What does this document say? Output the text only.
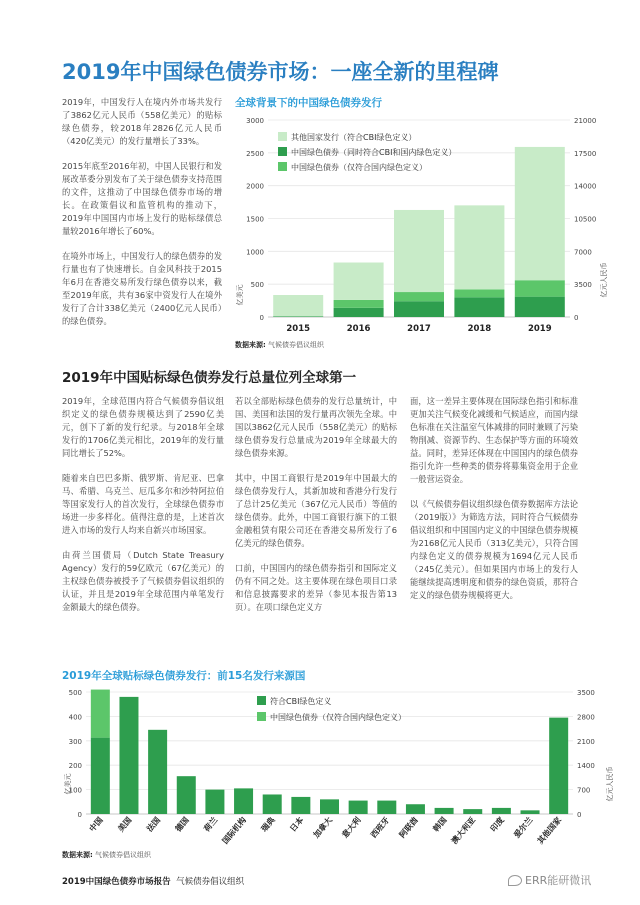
2019年中国绿色债券市场：一座全新的里程碑

2019年，中国发行人在境内外市场共发行了3862亿元人民币（558亿美元）的贴标绿色债券，较2018年2826亿元人民币（420亿美元）的发行量增长了33%。

2015年底至2016年初，中国人民银行和发展改革委分别发布了关于绿色债券支持范围的文件，这推动了中国绿色债券市场的增长。在政策倡议和监管机构的推动下，2019年中国国内市场上发行的贴标绿债总量较2016年增长了60%。

在境外市场上，中国发行人的绿色债券的发行量也有了快速增长。自金风科技于2015年6月在香港交易所发行绿色债券以来，截至2019年底，共有36家中资发行人在境外发行了合计338亿美元（2400亿元人民币）的绿色债券。

全球背景下的中国绿色债券发行
0	0
500	3500
1000	7000
1500	10500
2000	14000
2500	17500
3000	21000
亿美元	亿元人民币
2015	2016	2017	2018	2019
其他国家发行（符合CBI绿色定义）
中国绿色债券（同时符合CBI和国内绿色定义）
中国绿色债券（仅符合国内绿色定义）
数据来源: 气候债券倡议组织
2019年中国贴标绿色债券发行总量位列全球第一

2019年，全球范围内符合气候债券倡议组织定义的绿色债券规模达到了2590亿美元，创下了新的发行纪录。与2018年全球发行的1706亿美元相比，2019年的发行量同比增长了52%。

随着来自巴巴多斯、俄罗斯、肯尼亚、巴拿马、希腊、乌克兰、厄瓜多尔和沙特阿拉伯等国家发行人的首次发行，全球绿色债券市场进一步多样化。值得注意的是，上述首次进入市场的发行人均来自新兴市场国家。

由荷兰国债局（Dutch State Treasury Agency）发行的59亿欧元（67亿美元）的主权绿色债券被授予了气候债券倡议组织的认证，并且是2019年全球范围内单笔发行金额最大的绿色债券。

若以全部贴标绿色债券的发行总量统计，中国、美国和法国的发行量再次领先全球。中国以3862亿元人民币（558亿美元）的贴标绿色债券发行总量成为2019年全球最大的绿色债券来源。

其中，中国工商银行是2019年中国最大的绿色债券发行人，其新加坡和香港分行发行了总计25亿美元（367亿元人民币）等值的绿色债券。此外，中国工商银行旗下的工银金融租赁有限公司还在香港交易所发行了6亿美元的绿色债券。

口前，中国国内的绿色债券指引和国际定义仍有不同之处。这主要体现在绿色项目口录和信息披露要求的差异（参见本报告第13页）。在项口绿色定义方

面，这一差异主要体现在国际绿色指引和标准更加关注气候变化减缓和气候适应，而国内绿色标准在关注温室气体减排的同时兼顾了污染物削减、资源节约、生态保护等方面的环境效益。同时，差异还体现在中国国内的绿色债券指引允许一些种类的债券将募集资金用于企业一般营运资金。

以《气候债券倡议组织绿色债券数据库方法论（2019版）》为筛选方法，同时符合气候债券倡议组织和中国国内定义的中国绿色债券规模为2168亿元人民币（313亿美元），只符合国内绿色定义的债券规模为1694亿元人民币（245亿美元）。但如果国内市场上的发行人能继续提高透明度和债券的绿色资质，那符合定义的绿色债券规模将更大。

2019年全球贴标绿色债券发行：前15名发行来源国
0	0
100	700
200	1400
300	2100
400	2800
500	3500
亿美元	亿元人民币
中国 美国 法国 德国 荷兰 国际机构 瑞典 日本 加拿大 意大利 西班牙 阿联酋 韩国 澳大利亚 印度 爱尔兰 其他国家
符合CBI绿色定义
中国绿色债券（仅符合国内绿色定义）
数据来源: 气候债券倡议组织
2019中国绿色债券市场报告 气候债券倡议组织	ERR能研微讯
